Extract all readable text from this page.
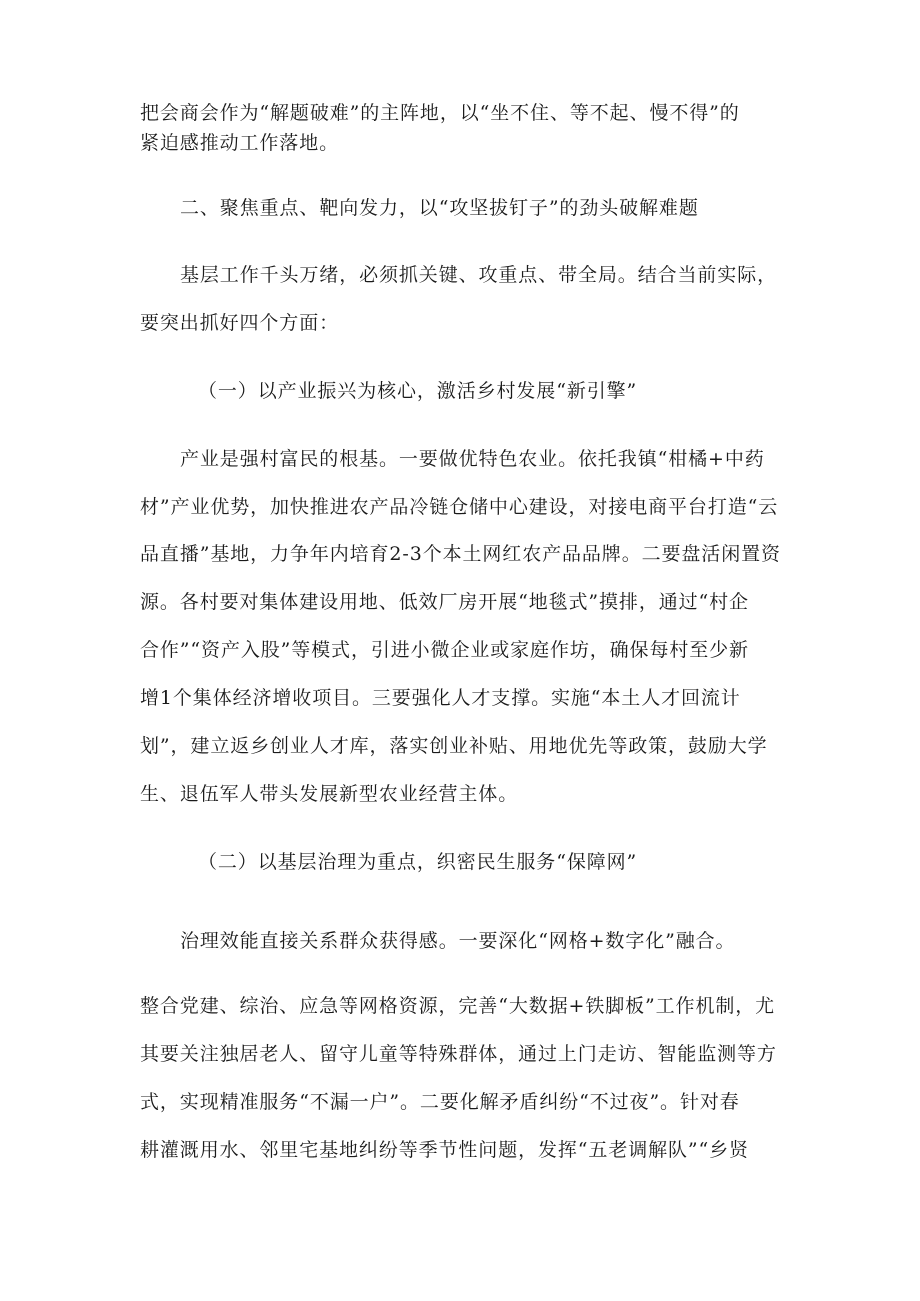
把会商会作为“解题破难”的主阵地，以“坐不住、等不起、慢不得”的
紧迫感推动工作落地。
二、聚焦重点、靶向发力，以“攻坚拔钉子”的劲头破解难题
基层工作千头万绪，必须抓关键、攻重点、带全局。结合当前实际，
要突出抓好四个方面：
（一）以产业振兴为核心，激活乡村发展“新引擎”
产业是强村富民的根基。一要做优特色农业。依托我镇“柑橘+中药
材”产业优势，加快推进农产品冷链仓储中心建设，对接电商平台打造“云
品直播”基地，力争年内培育2-3个本土网红农产品品牌。二要盘活闲置资
源。各村要对集体建设用地、低效厂房开展“地毯式”摸排，通过“村企
合作”“资产入股”等模式，引进小微企业或家庭作坊，确保每村至少新
增1个集体经济增收项目。三要强化人才支撑。实施“本土人才回流计
划”，建立返乡创业人才库，落实创业补贴、用地优先等政策，鼓励大学
生、退伍军人带头发展新型农业经营主体。
（二）以基层治理为重点，织密民生服务“保障网”
治理效能直接关系群众获得感。一要深化“网格+数字化”融合。
整合党建、综治、应急等网格资源，完善“大数据+铁脚板”工作机制，尤
其要关注独居老人、留守儿童等特殊群体，通过上门走访、智能监测等方
式，实现精准服务“不漏一户”。二要化解矛盾纠纷“不过夜”。针对春
耕灌溉用水、邻里宅基地纠纷等季节性问题，发挥“五老调解队”“乡贤
